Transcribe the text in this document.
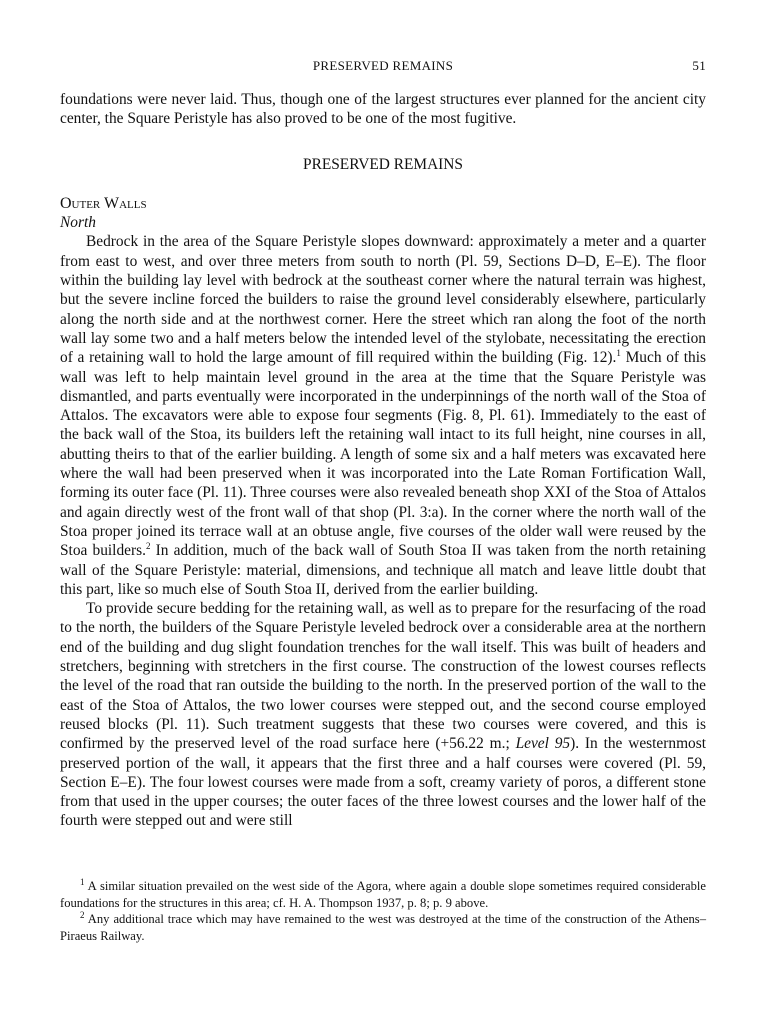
PRESERVED REMAINS	51

foundations were never laid. Thus, though one of the largest structures ever planned for the ancient city center, the Square Peristyle has also proved to be one of the most fugitive.

PRESERVED REMAINS
Outer Walls
North

Bedrock in the area of the Square Peristyle slopes downward: approximately a meter and a quarter from east to west, and over three meters from south to north (Pl. 59, Sections D–D, E–E). The floor within the building lay level with bedrock at the southeast corner where the natural terrain was highest, but the severe incline forced the builders to raise the ground level considerably elsewhere, particularly along the north side and at the northwest corner. Here the street which ran along the foot of the north wall lay some two and a half meters below the intended level of the stylobate, necessitating the erection of a retaining wall to hold the large amount of fill required within the building (Fig. 12).$^1$ Much of this wall was left to help maintain level ground in the area at the time that the Square Peristyle was dismantled, and parts eventually were incorporated in the underpinnings of the north wall of the Stoa of Attalos. The excavators were able to expose four segments (Fig. 8, Pl. 61). Immediately to the east of the back wall of the Stoa, its builders left the retaining wall intact to its full height, nine courses in all, abutting theirs to that of the earlier building. A length of some six and a half meters was excavated here where the wall had been preserved when it was incorporated into the Late Roman Fortification Wall, forming its outer face (Pl. 11). Three courses were also revealed beneath shop XXI of the Stoa of Attalos and again directly west of the front wall of that shop (Pl. 3:a). In the corner where the north wall of the Stoa proper joined its terrace wall at an obtuse angle, five courses of the older wall were reused by the Stoa builders.$^2$ In addition, much of the back wall of South Stoa II was taken from the north retaining wall of the Square Peristyle: material, dimensions, and technique all match and leave little doubt that this part, like so much else of South Stoa II, derived from the earlier building.

To provide secure bedding for the retaining wall, as well as to prepare for the resurfacing of the road to the north, the builders of the Square Peristyle leveled bedrock over a considerable area at the northern end of the building and dug slight foundation trenches for the wall itself. This was built of headers and stretchers, beginning with stretchers in the first course. The construction of the lowest courses reflects the level of the road that ran outside the building to the north. In the preserved portion of the wall to the east of the Stoa of Attalos, the two lower courses were stepped out, and the second course employed reused blocks (Pl. 11). Such treatment suggests that these two courses were covered, and this is confirmed by the preserved level of the road surface here (+56.22 m.; Level 95). In the westernmost preserved portion of the wall, it appears that the first three and a half courses were covered (Pl. 59, Section E–E). The four lowest courses were made from a soft, creamy variety of poros, a different stone from that used in the upper courses; the outer faces of the three lowest courses and the lower half of the fourth were stepped out and were still

$^1$ A similar situation prevailed on the west side of the Agora, where again a double slope sometimes required considerable foundations for the structures in this area; cf. H. A. Thompson 1937, p. 8; p. 9 above.

$^2$ Any additional trace which may have remained to the west was destroyed at the time of the construction of the Athens–Piraeus Railway.
